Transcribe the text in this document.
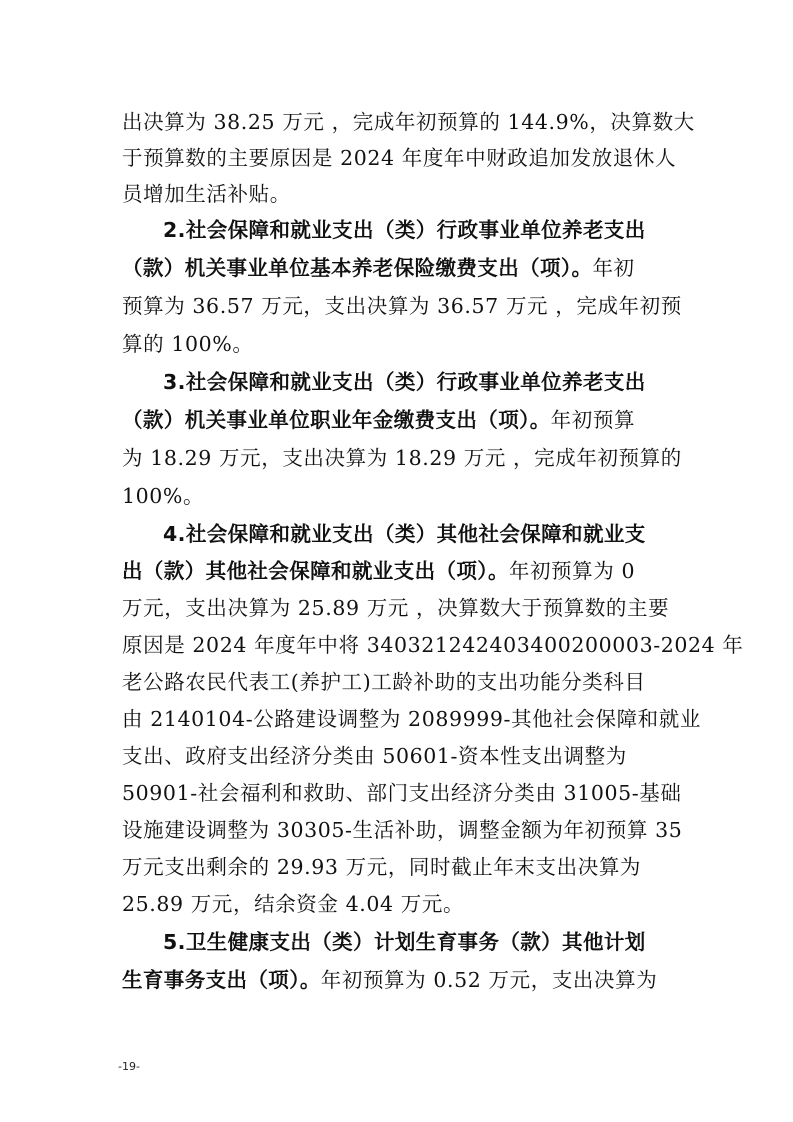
出决算为 38.25 万元 ，完成年初预算的 144.9%，决算数大
于预算数的主要原因是 2024 年度年中财政追加发放退休人
员增加生活补贴。
2.社会保障和就业支出（类）行政事业单位养老支出
（款）机关事业单位基本养老保险缴费支出（项）。年初
预算为 36.57 万元，支出决算为 36.57 万元 ，完成年初预
算的 100%。
3.社会保障和就业支出（类）行政事业单位养老支出
（款）机关事业单位职业年金缴费支出（项）。年初预算
为 18.29 万元，支出决算为 18.29 万元 ，完成年初预算的
100%。
4.社会保障和就业支出（类）其他社会保障和就业支
出（款）其他社会保障和就业支出（项）。年初预算为 0
万元，支出决算为 25.89 万元 ，决算数大于预算数的主要
原因是 2024 年度年中将 340321242403400200003-2024 年
老公路农民代表工(养护工)工龄补助的支出功能分类科目
由 2140104-公路建设调整为 2089999-其他社会保障和就业
支出、政府支出经济分类由 50601-资本性支出调整为
50901-社会福利和救助、部门支出经济分类由 31005-基础
设施建设调整为 30305-生活补助，调整金额为年初预算 35
万元支出剩余的 29.93 万元，同时截止年末支出决算为
25.89 万元，结余资金 4.04 万元。
5.卫生健康支出（类）计划生育事务（款）其他计划
生育事务支出（项）。年初预算为 0.52 万元，支出决算为
-19-
